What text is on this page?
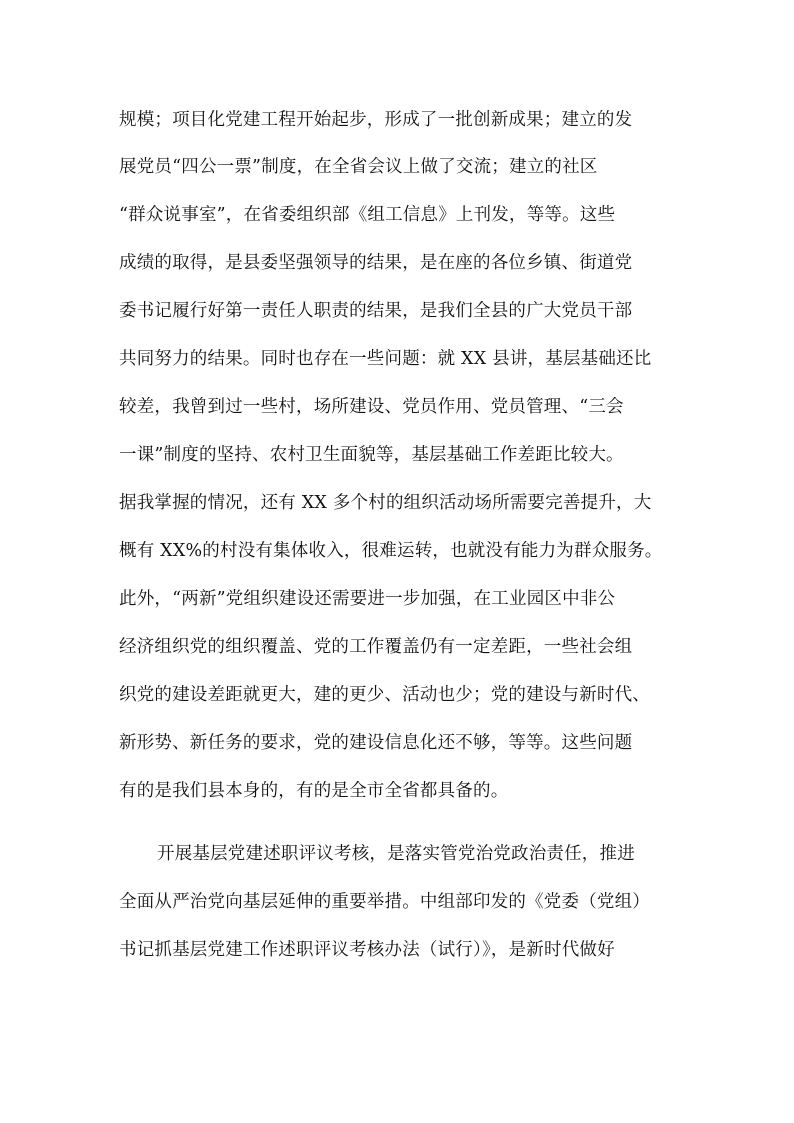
规模；项目化党建工程开始起步，形成了一批创新成果；建立的发
展党员“四公一票”制度，在全省会议上做了交流；建立的社区
“群众说事室”，在省委组织部《组工信息》上刊发，等等。这些
成绩的取得，是县委坚强领导的结果，是在座的各位乡镇、街道党
委书记履行好第一责任人职责的结果，是我们全县的广大党员干部
共同努力的结果。同时也存在一些问题：就 XX 县讲，基层基础还比
较差，我曾到过一些村，场所建设、党员作用、党员管理、“三会
一课”制度的坚持、农村卫生面貌等，基层基础工作差距比较大。
据我掌握的情况，还有 XX 多个村的组织活动场所需要完善提升，大
概有 XX%的村没有集体收入，很难运转，也就没有能力为群众服务。
此外，“两新”党组织建设还需要进一步加强，在工业园区中非公
经济组织党的组织覆盖、党的工作覆盖仍有一定差距，一些社会组
织党的建设差距就更大，建的更少、活动也少；党的建设与新时代、
新形势、新任务的要求，党的建设信息化还不够，等等。这些问题
有的是我们县本身的，有的是全市全省都具备的。
开展基层党建述职评议考核，是落实管党治党政治责任，推进
全面从严治党向基层延伸的重要举措。中组部印发的《党委（党组）
书记抓基层党建工作述职评议考核办法（试行）》，是新时代做好
